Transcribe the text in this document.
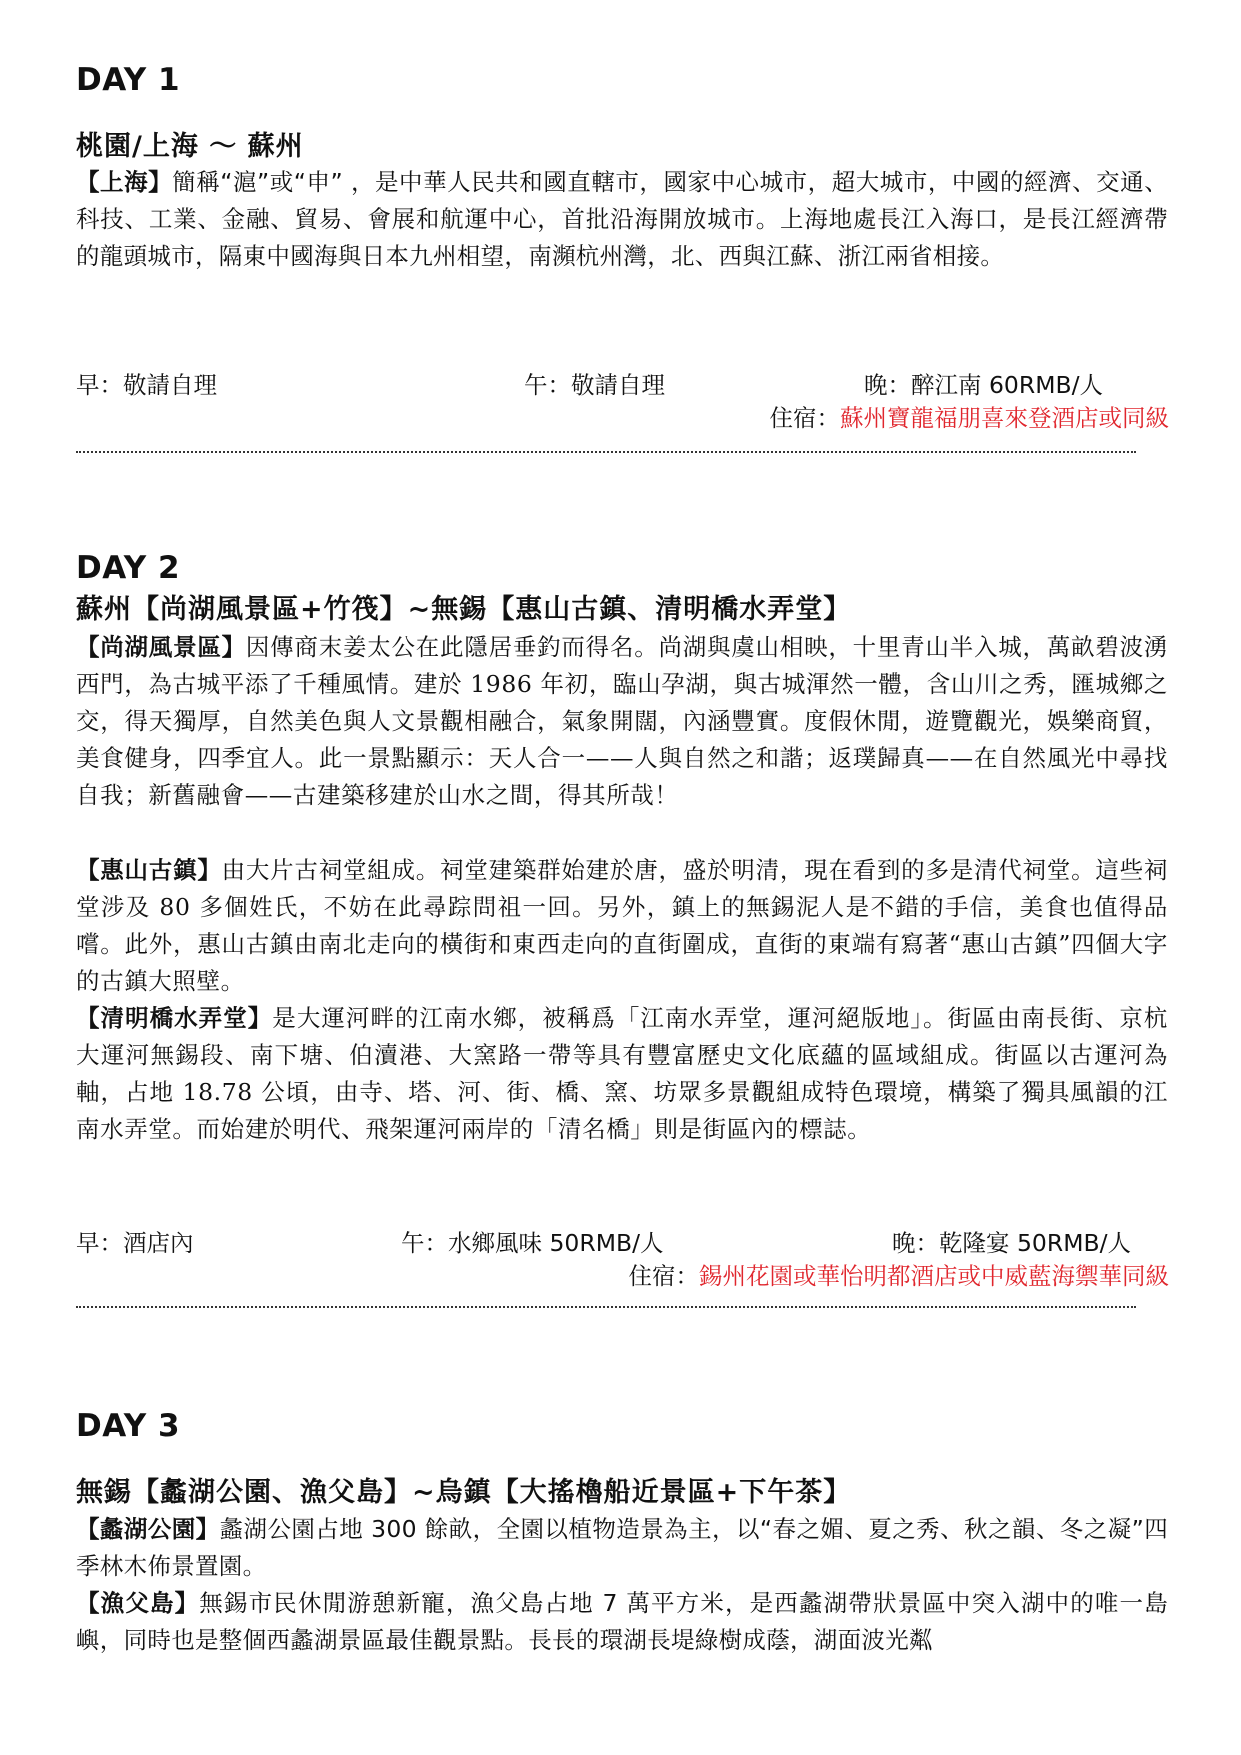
DAY 1
桃園/上海 ～ 蘇州

【上海】簡稱“滬”或“申” ，是中華人民共和國直轄市，國家中心城市，超大城市，中國的經濟、交通、科技、工業、金融、貿易、會展和航運中心，首批沿海開放城市。上海地處長江入海口，是長江經濟帶的龍頭城市，隔東中國海與日本九州相望，南瀕杭州灣，北、西與江蘇、浙江兩省相接。

早：敬請自理	午：敬請自理	晚：醉江南 60RMB/人
住宿：蘇州寶龍福朋喜來登酒店或同級
DAY 2
蘇州【尚湖風景區+竹筏】~無錫【惠山古鎮、清明橋水弄堂】

【尚湖風景區】因傳商末姜太公在此隱居垂釣而得名。尚湖與虞山相映，十里青山半入城，萬畝碧波湧西門，為古城平添了千種風情。建於 1986 年初，臨山孕湖，與古城渾然一體，含山川之秀，匯城鄉之交，得天獨厚，自然美色與人文景觀相融合，氣象開闊，內涵豐實。度假休閒，遊覽觀光，娛樂商貿，美食健身，四季宜人。此一景點顯示：天人合一——人與自然之和諧；返璞歸真——在自然風光中尋找自我；新舊融會——古建築移建於山水之間，得其所哉！

【惠山古鎮】由大片古祠堂組成。祠堂建築群始建於唐，盛於明清，現在看到的多是清代祠堂。這些祠堂涉及 80 多個姓氏，不妨在此尋踪問祖一回。另外，鎮上的無錫泥人是不錯的手信，美食也值得品嚐。此外，惠山古鎮由南北走向的橫街和東西走向的直街圍成，直街的東端有寫著“惠山古鎮”四個大字的古鎮大照壁。

【清明橋水弄堂】是大運河畔的江南水鄉，被稱爲「江南水弄堂，運河絕版地」。街區由南長街、京杭大運河無錫段、南下塘、伯瀆港、大窯路一帶等具有豐富歷史文化底蘊的區域組成。街區以古運河為軸，占地 18.78 公頃，由寺、塔、河、街、橋、窯、坊眾多景觀組成特色環境，構築了獨具風韻的江南水弄堂。而始建於明代、飛架運河兩岸的「清名橋」則是街區內的標誌。

早：酒店內	午：水鄉風味 50RMB/人	晚：乾隆宴 50RMB/人
住宿：錫州花園或華怡明都酒店或中威藍海禦華同級
DAY 3
無錫【蠡湖公園、漁父島】~烏鎮【大搖櫓船近景區+下午茶】

【蠡湖公園】蠡湖公園占地 300 餘畝，全園以植物造景為主，以“春之媚、夏之秀、秋之韻、冬之凝”四季林木佈景置園。

【漁父島】無錫市民休閒游憩新寵，漁父島占地 7 萬平方米，是西蠡湖帶狀景區中突入湖中的唯一島嶼，同時也是整個西蠡湖景區最佳觀景點。長長的環湖長堤綠樹成蔭，湖面波光粼
